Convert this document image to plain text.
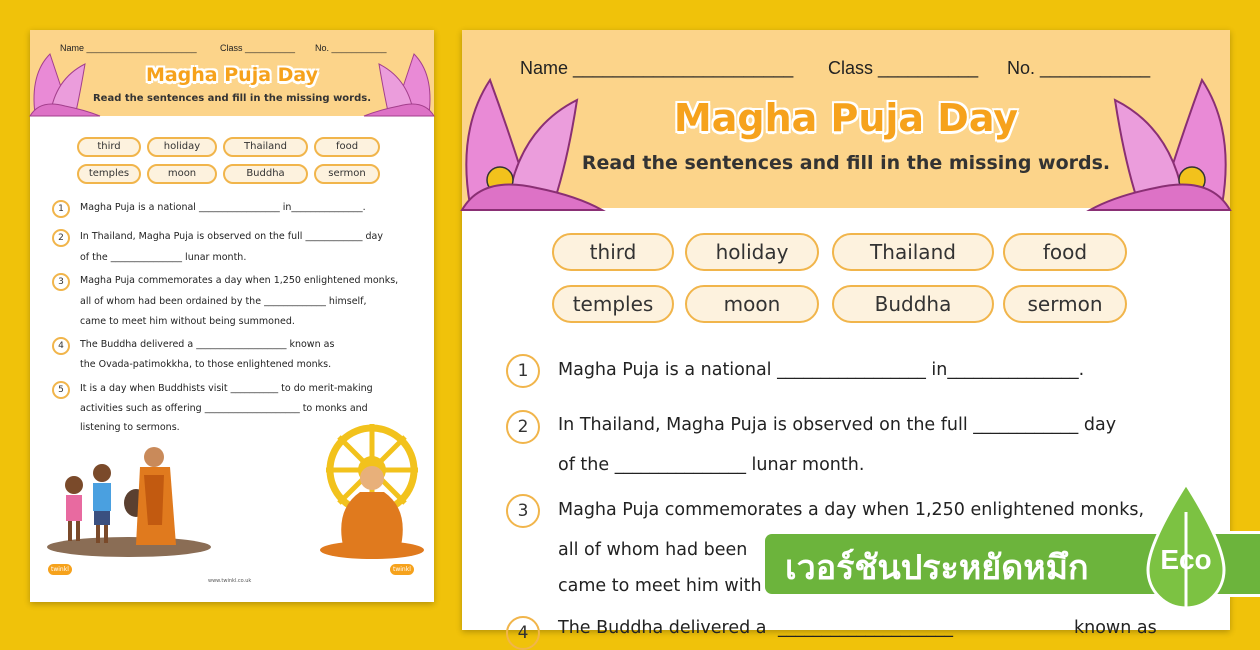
Name ______________________	Class __________ No. ___________
Magha Puja Day
Read the sentences and fill in the missing words.
third	holiday	Thailand	food
temples	moon	Buddha	sermon
1	Magha Puja is a national _________________ in_______________.
2	In Thailand, Magha Puja is observed on the full ____________ day
of the _______________ lunar month.
3	Magha Puja commemorates a day when 1,250 enlightened monks,
all of whom had been ordained by the _____________ himself,
came to meet him without being summoned.
4	The Buddha delivered a ___________________ known as
the Ovada-patimokkha, to those enlightened monks.
5	It is a day when Buddhists visit __________ to do merit-making
activities such as offering ____________________ to monks and
listening to sermons.
twinkl
www.twinkl.co.uk
twinkl
Name ______________________ Class __________ No. ___________
Magha Puja Day
Read the sentences and fill in the missing words.
third	holiday	Thailand	food
temples	moon	Buddha	sermon
1	Magha Puja is a national _________________ in_______________.
2	In Thailand, Magha Puja is observed on the full ____________ day
of the _______________ lunar month.
3	Magha Puja commemorates a day when 1,250 enlightened monks,
all of whom had been
came to meet him with
4	The Buddha delivered a ____________________	known as
เวอร์ชันประหยัดหมึก	Eco
